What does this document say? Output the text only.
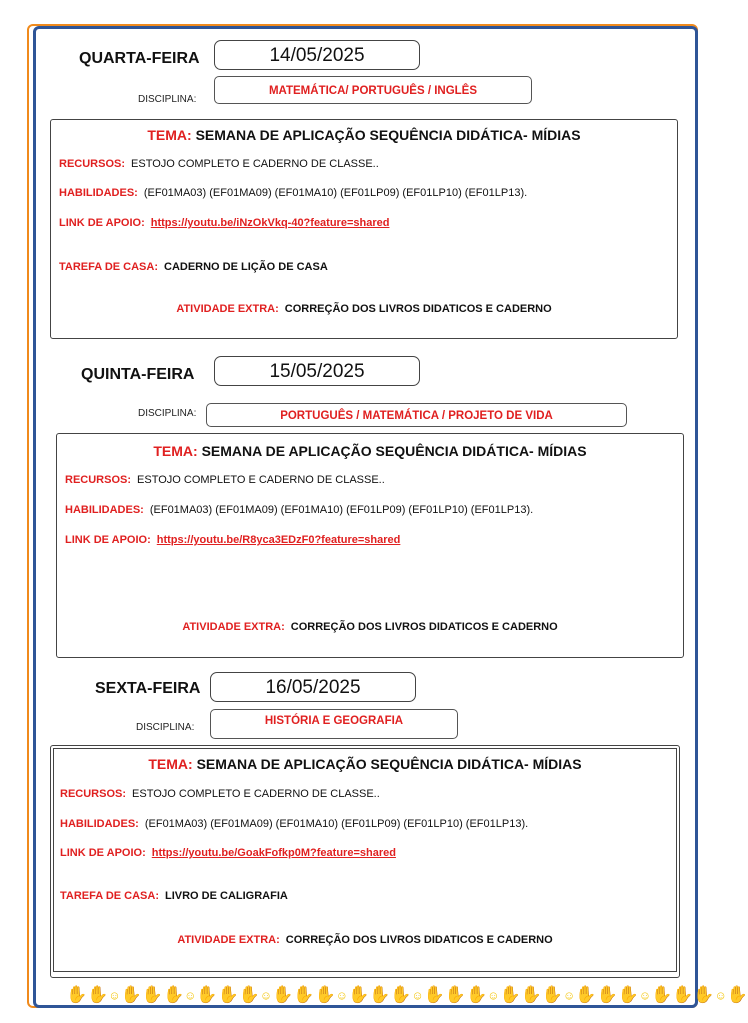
QUARTA-FEIRA	14/05/2025
DISCIPLINA:
MATEMÁTICA/ PORTUGUÊS / INGLÊS
TEMA: SEMANA DE APLICAÇÃO SEQUÊNCIA DIDÁTICA- MÍDIAS
RECURSOS: ESTOJO COMPLETO E CADERNO DE CLASSE..
HABILIDADES: (EF01MA03) (EF01MA09) (EF01MA10) (EF01LP09) (EF01LP10) (EF01LP13).
LINK DE APOIO: https://youtu.be/iNzOkVkq-40?feature=shared
TAREFA DE CASA: CADERNO DE LIÇÃO DE CASA
ATIVIDADE EXTRA: CORREÇÃO DOS LIVROS DIDATICOS E CADERNO
QUINTA-FEIRA	15/05/2025
DISCIPLINA:	PORTUGUÊS / MATEMÁTICA / PROJETO DE VIDA
TEMA: SEMANA DE APLICAÇÃO SEQUÊNCIA DIDÁTICA- MÍDIAS
RECURSOS: ESTOJO COMPLETO E CADERNO DE CLASSE..
HABILIDADES: (EF01MA03) (EF01MA09) (EF01MA10) (EF01LP09) (EF01LP10) (EF01LP13).
LINK DE APOIO: https://youtu.be/R8yca3EDzF0?feature=shared
ATIVIDADE EXTRA: CORREÇÃO DOS LIVROS DIDATICOS E CADERNO
SEXTA-FEIRA	16/05/2025
DISCIPLINA:
HISTÓRIA E GEOGRAFIA
TEMA: SEMANA DE APLICAÇÃO SEQUÊNCIA DIDÁTICA- MÍDIAS
RECURSOS: ESTOJO COMPLETO E CADERNO DE CLASSE..
HABILIDADES: (EF01MA03) (EF01MA09) (EF01MA10) (EF01LP09) (EF01LP10) (EF01LP13).
LINK DE APOIO: https://youtu.be/GoakFofkp0M?feature=shared
TAREFA DE CASA: LIVRO DE CALIGRAFIA
ATIVIDADE EXTRA: CORREÇÃO DOS LIVROS DIDATICOS E CADERNO
✋✋☺✋✋✋☺✋✋✋☺✋✋✋☺✋✋✋☺✋✋✋☺✋✋✋☺✋✋✋☺✋✋✋☺✋
